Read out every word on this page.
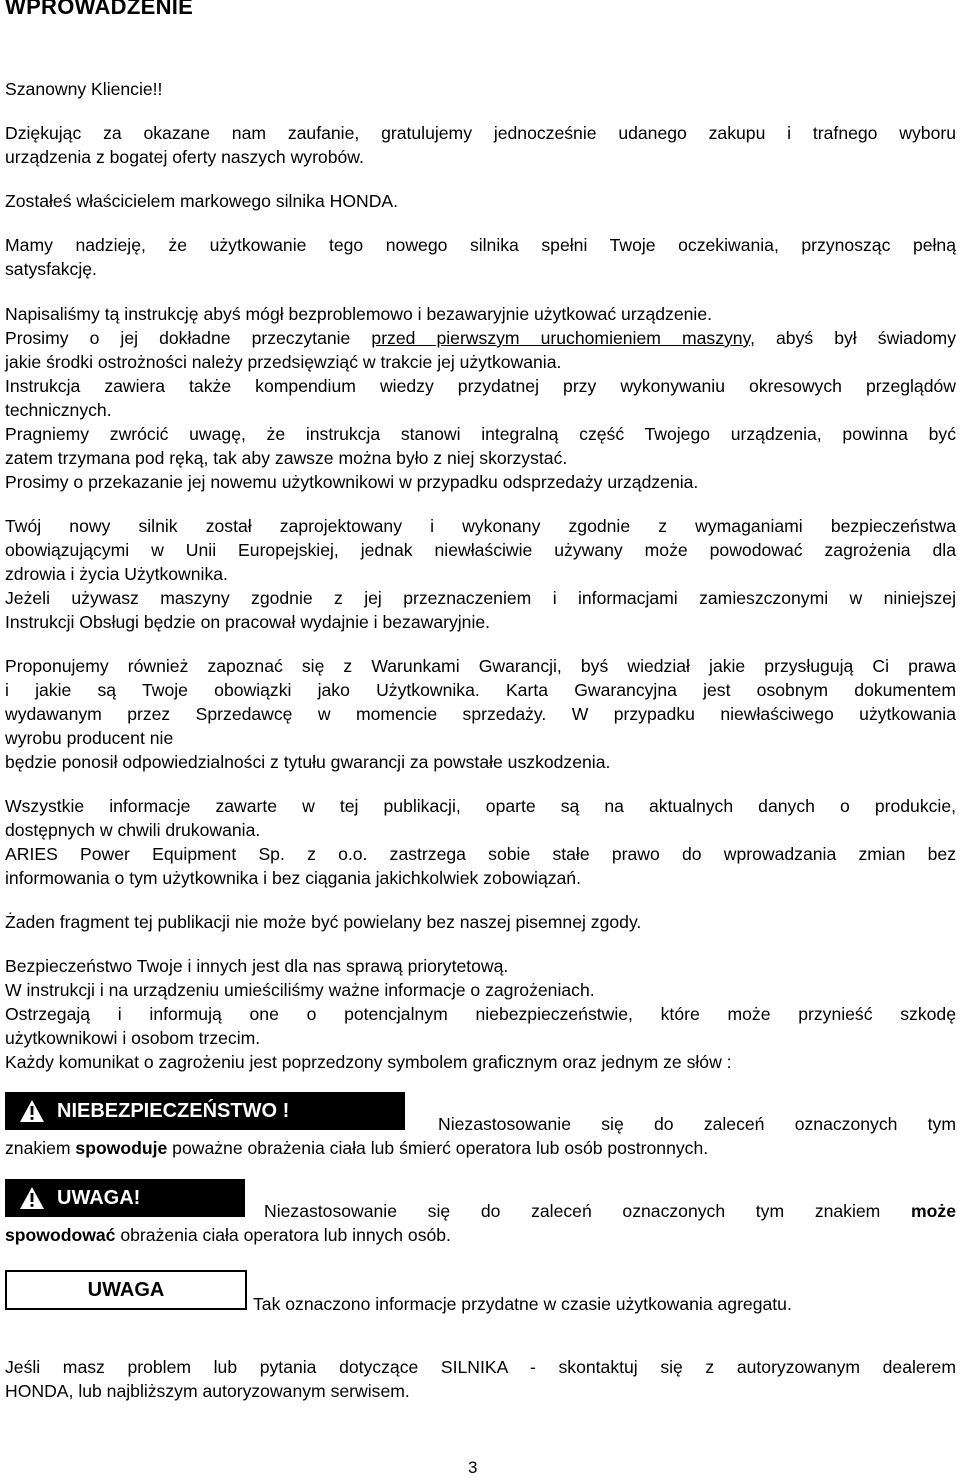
WPROWADZENIE
Szanowny Kliencie!!
Dziękując za okazane nam zaufanie, gratulujemy jednocześnie udanego zakupu i trafnego wyboru
urządzenia z bogatej oferty naszych wyrobów.
Zostałeś właścicielem markowego silnika HONDA.
Mamy nadzieję, że użytkowanie tego nowego silnika spełni Twoje oczekiwania, przynosząc pełną
satysfakcję.
Napisaliśmy tą instrukcję abyś mógł bezproblemowo i bezawaryjnie użytkować urządzenie.
Prosimy o jej dokładne przeczytanie przed pierwszym uruchomieniem maszyny, abyś był świadomy
jakie środki ostrożności należy przedsięwziąć w trakcie jej użytkowania.
Instrukcja zawiera także kompendium wiedzy przydatnej przy wykonywaniu okresowych przeglądów
technicznych.
Pragniemy zwrócić uwagę, że instrukcja stanowi integralną część Twojego urządzenia, powinna być
zatem trzymana pod ręką, tak aby zawsze można było z niej skorzystać.
Prosimy o przekazanie jej nowemu użytkownikowi w przypadku odsprzedaży urządzenia.
Twój nowy silnik został zaprojektowany i wykonany zgodnie z wymaganiami bezpieczeństwa
obowiązującymi w Unii Europejskiej, jednak niewłaściwie używany może powodować zagrożenia dla
zdrowia i życia Użytkownika.
Jeżeli używasz maszyny zgodnie z jej przeznaczeniem i informacjami zamieszczonymi w niniejszej
Instrukcji Obsługi będzie on pracował wydajnie i bezawaryjnie.
Proponujemy również zapoznać się z Warunkami Gwarancji, byś wiedział jakie przysługują Ci prawa
i jakie są Twoje obowiązki jako Użytkownika. Karta Gwarancyjna jest osobnym dokumentem
wydawanym przez Sprzedawcę w momencie sprzedaży. W przypadku niewłaściwego użytkowania
wyrobu producent nie
będzie ponosił odpowiedzialności z tytułu gwarancji za powstałe uszkodzenia.
Wszystkie informacje zawarte w tej publikacji, oparte są na aktualnych danych o produkcie,
dostępnych w chwili drukowania.
ARIES Power Equipment Sp. z o.o. zastrzega sobie stałe prawo do wprowadzania zmian bez
informowania o tym użytkownika i bez ciągania jakichkolwiek zobowiązań.
Żaden fragment tej publikacji nie może być powielany bez naszej pisemnej zgody.
Bezpieczeństwo Twoje i innych jest dla nas sprawą priorytetową.
W instrukcji i na urządzeniu umieściliśmy ważne informacje o zagrożeniach.
Ostrzegają i informują one o potencjalnym niebezpieczeństwie, które może przynieść szkodę
użytkownikowi i osobom trzecim.
Każdy komunikat o zagrożeniu jest poprzedzony symbolem graficznym oraz jednym ze słów :
NIEBEZPIECZEŃSTWO !
Niezastosowanie się do zaleceń oznaczonych tym
znakiem spowoduje poważne obrażenia ciała lub śmierć operatora lub osób postronnych.
UWAGA!
Niezastosowanie się do zaleceń oznaczonych tym znakiem może
spowodować obrażenia ciała operatora lub innych osób.
UWAGA
Tak oznaczono informacje przydatne w czasie użytkowania agregatu.
Jeśli masz problem lub pytania dotyczące SILNIKA - skontaktuj się z autoryzowanym dealerem
HONDA, lub najbliższym autoryzowanym serwisem.
3
